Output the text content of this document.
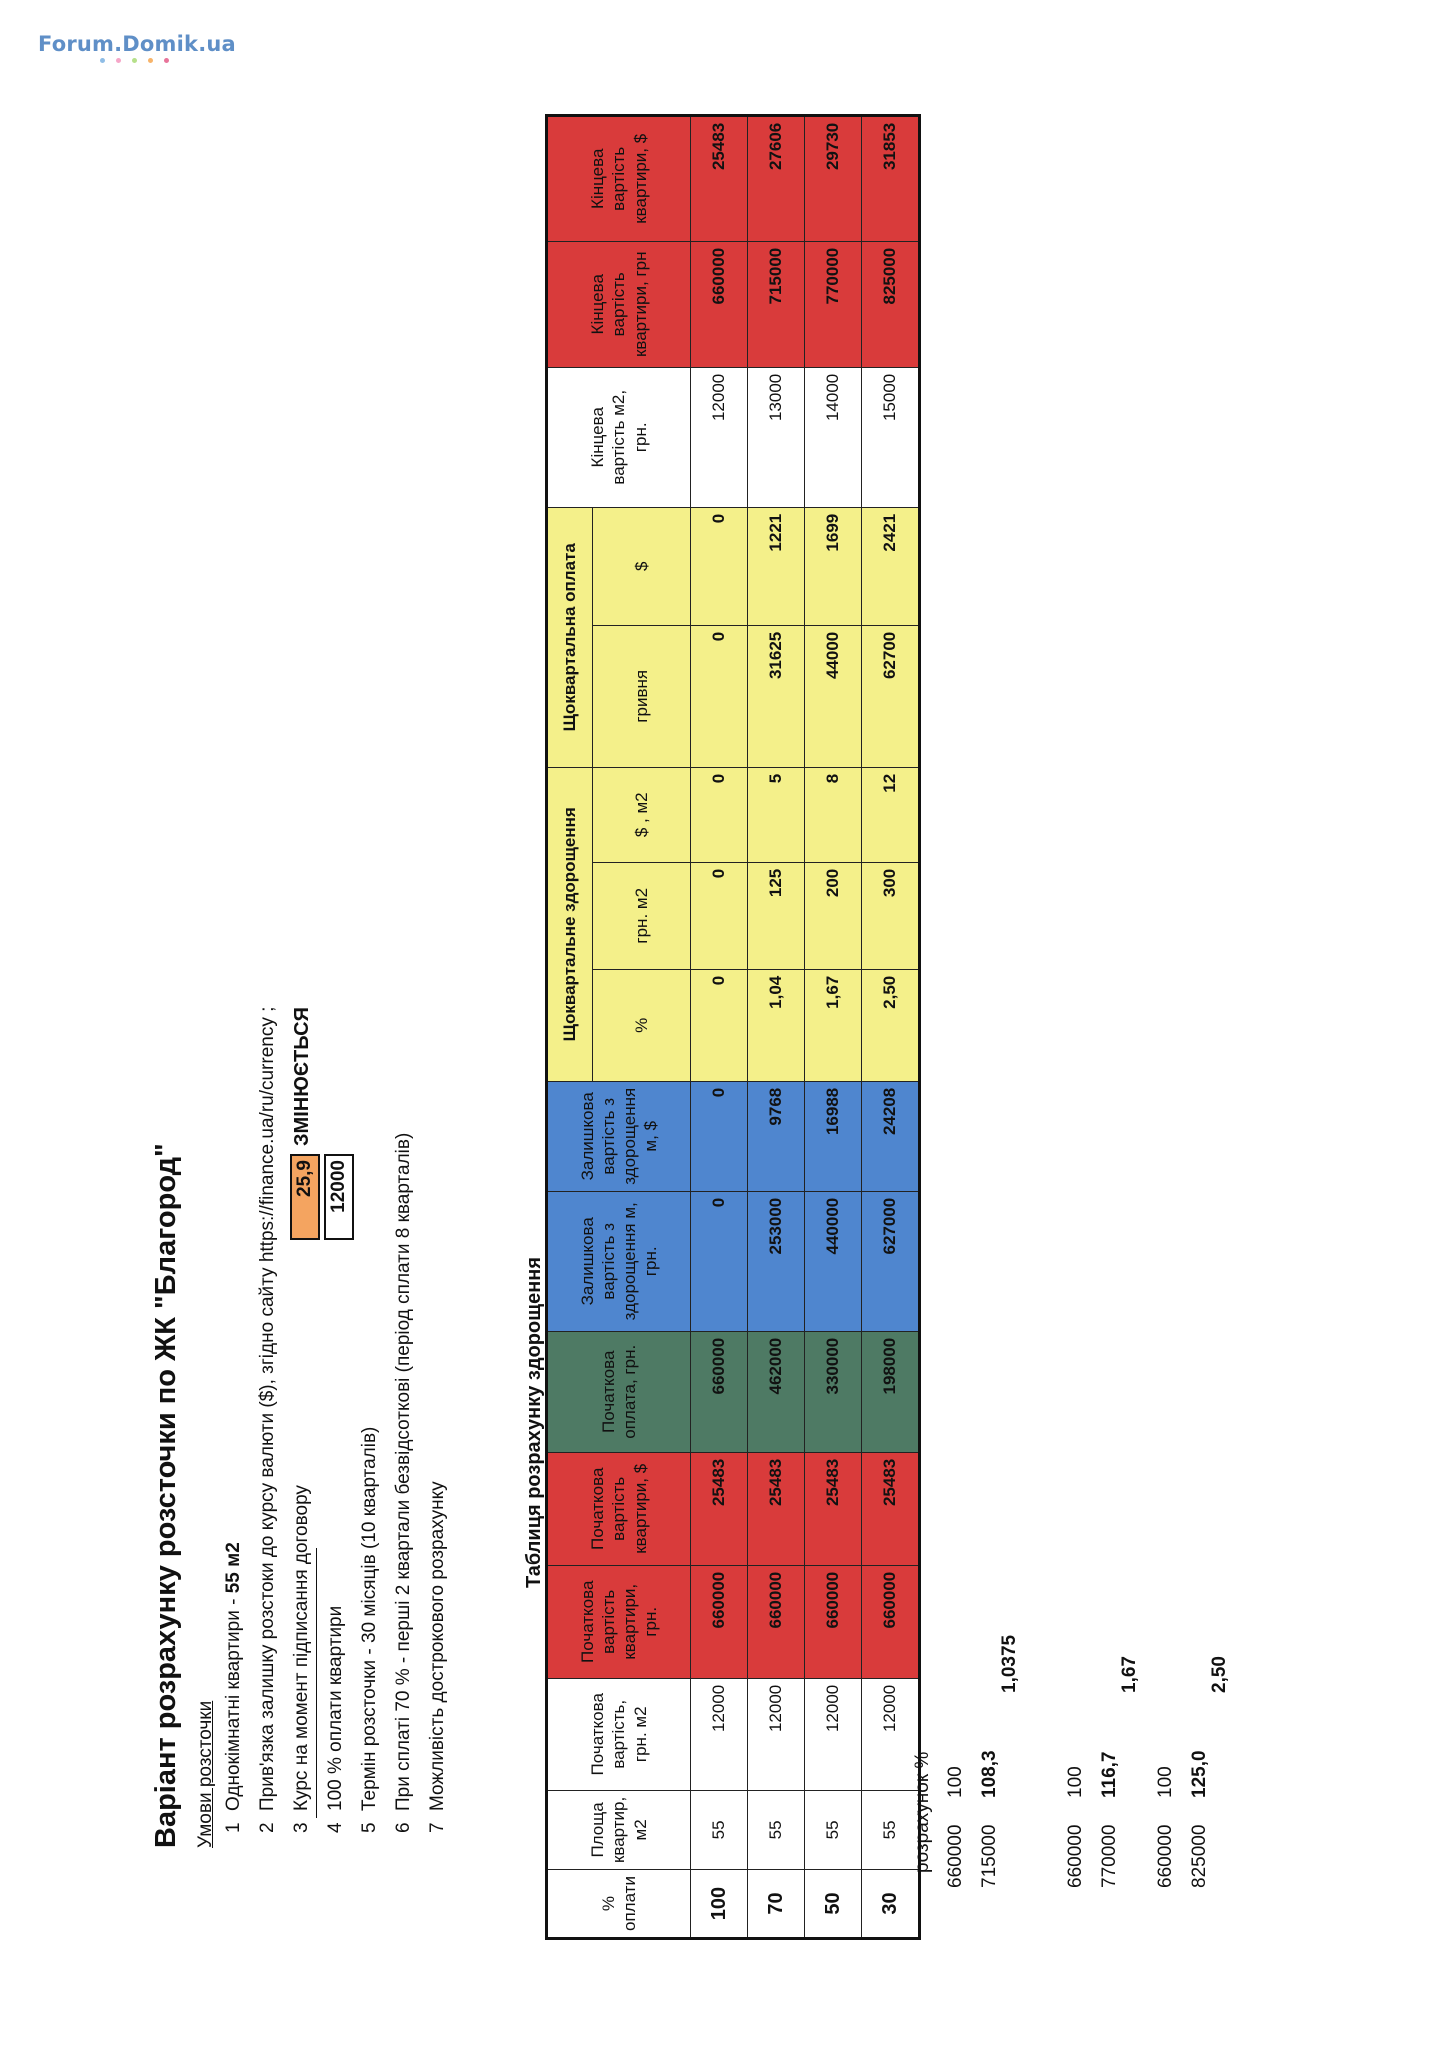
Forum.Domik.ua
Варіант розрахунку розсточки по ЖК "Благород" Умови розсточки 1Однокімнатні квартири - 55 м2
2Прив'язка залишку розстоки до курсу валюти ($), згідно сайту https://finance.ua/ru/currency ;
3Курс на момент підписання договору
4100 % оплати квартири
5Термін розсточки - 30 місяців (10 кварталів)
6При сплаті 70 % - перші 2 квартали безвідсоткові (період сплати 8 кварталів)
7Можливість дострокового розрахунку
25,9
ЗМІНЮЄТЬСЯ
12000
Таблиця розрахунку здорощення
% оплати	Площа квартир, м2	Початкова вартість, грн. м2	Початкова вартість квартири, грн.	Початкова вартість квартири, $	Початкова оплата, грн.	Залишкова вартість з здорощення м, грн.	Залишкова вартість з здорощення м, $	Щоквартальне здорощення			Щоквартальна оплата		Кінцева вартість м2, грн.	Кінцева вартість квартири, грн	Кінцева вартість квартири, $
								%	грн. м2	$ , м2	гривня	$			
100	55	12000	660000	25483	660000	0	0	0	0	0	0	0	12000	660000	25483
70	55	12000	660000	25483	462000	253000	9768	1,04	125	5	31625	1221	13000	715000	27606
50	55	12000	660000	25483	330000	440000	16988	1,67	200	8	44000	1699	14000	770000	29730
30	55	12000	660000	25483	198000	627000	24208	2,50	300	12	62700	2421	15000	825000	31853
розрахунок % 660000 715000
100 108,3
1,0375
660000 770000
100 116,7
1,67
660000 825000
100 125,0
2,50
